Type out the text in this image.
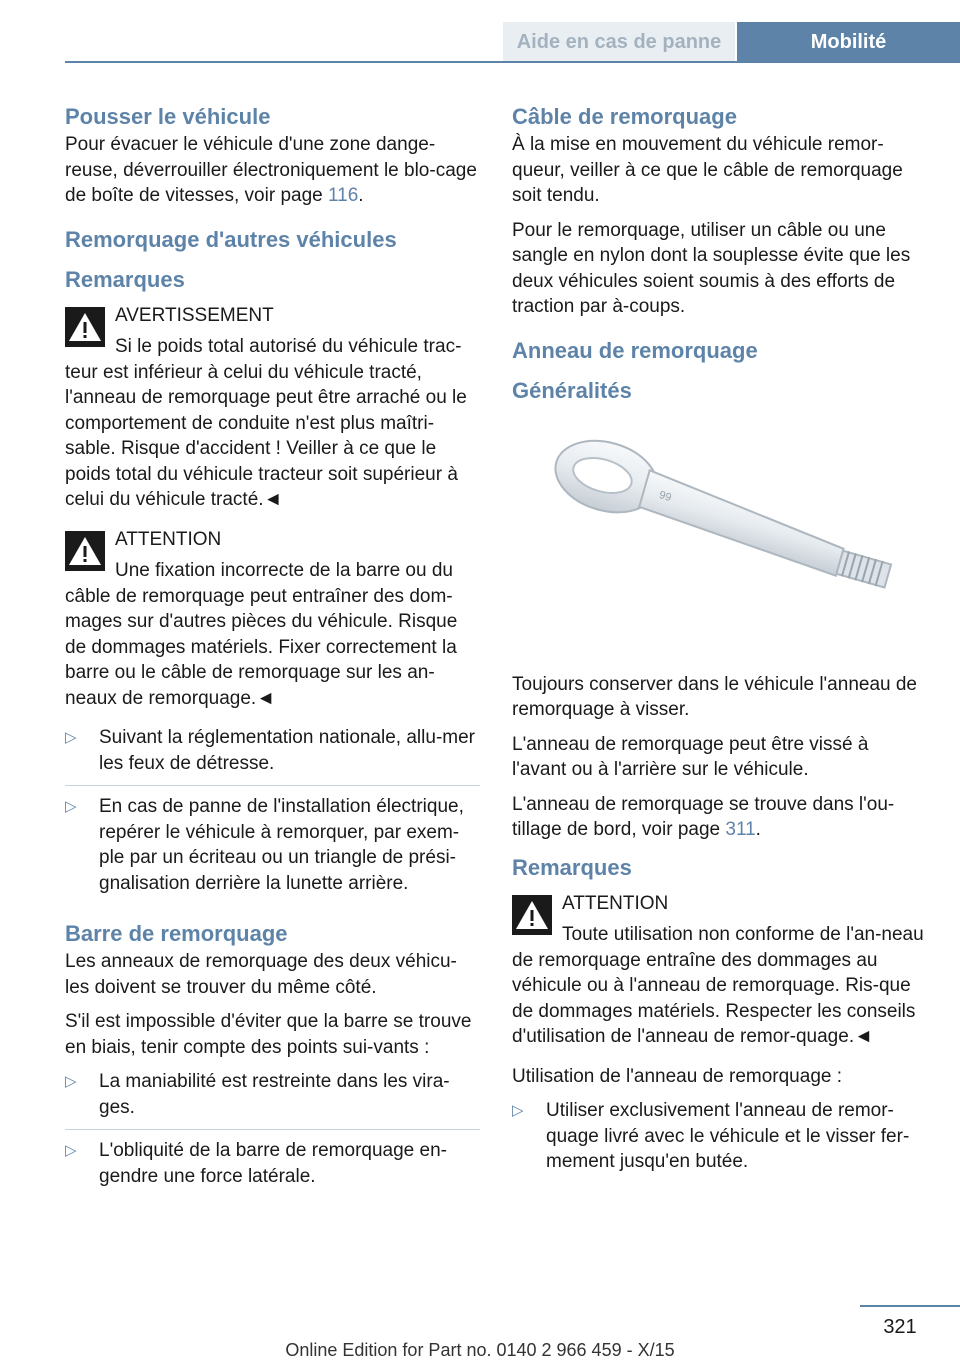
Aide en cas de panne	Mobilité
Pousser le véhicule

Pour évacuer le véhicule d'une zone dange-reuse, déverrouiller électroniquement le blo-cage de boîte de vitesses, voir page 116.

Remorquage d'autres véhicules
Remarques
AVERTISSEMENT
Si le poids total autorisé du véhicule trac-teur est inférieur à celui du véhicule tracté, l'anneau de remorquage peut être arraché ou le comportement de conduite n'est plus maîtri-sable. Risque d'accident ! Veiller à ce que le poids total du véhicule tracteur soit supérieur à celui du véhicule tracté.◄
ATTENTION
Une fixation incorrecte de la barre ou du câble de remorquage peut entraîner des dom-mages sur d'autres pièces du véhicule. Risque de dommages matériels. Fixer correctement la barre ou le câble de remorquage sur les an-neaux de remorquage.◄
▷ Suivant la réglementation nationale, allu-mer les feux de détresse.
▷ En cas de panne de l'installation électrique, repérer le véhicule à remorquer, par exem-ple par un écriteau ou un triangle de prési-gnalisation derrière la lunette arrière.
Barre de remorquage

Les anneaux de remorquage des deux véhicu-les doivent se trouver du même côté.

S'il est impossible d'éviter que la barre se trouve en biais, tenir compte des points sui-vants :

▷ La maniabilité est restreinte dans les vira-ges.
▷ L'obliquité de la barre de remorquage en-gendre une force latérale.
Câble de remorquage

À la mise en mouvement du véhicule remor-queur, veiller à ce que le câble de remorquage soit tendu.

Pour le remorquage, utiliser un câble ou une sangle en nylon dont la souplesse évite que les deux véhicules soient soumis à des efforts de traction par à-coups.

Anneau de remorquage
Généralités
99

Toujours conserver dans le véhicule l'anneau de remorquage à visser.

L'anneau de remorquage peut être vissé à l'avant ou à l'arrière sur le véhicule.

L'anneau de remorquage se trouve dans l'ou-tillage de bord, voir page 311.

Remarques
ATTENTION
Toute utilisation non conforme de l'an-neau de remorquage entraîne des dommages au véhicule ou à l'anneau de remorquage. Ris-que de dommages matériels. Respecter les conseils d'utilisation de l'anneau de remor-quage.◄

Utilisation de l'anneau de remorquage :

▷ Utiliser exclusivement l'anneau de remor-quage livré avec le véhicule et le visser fer-mement jusqu'en butée.
321
Online Edition for Part no. 0140 2 966 459 - X/15
